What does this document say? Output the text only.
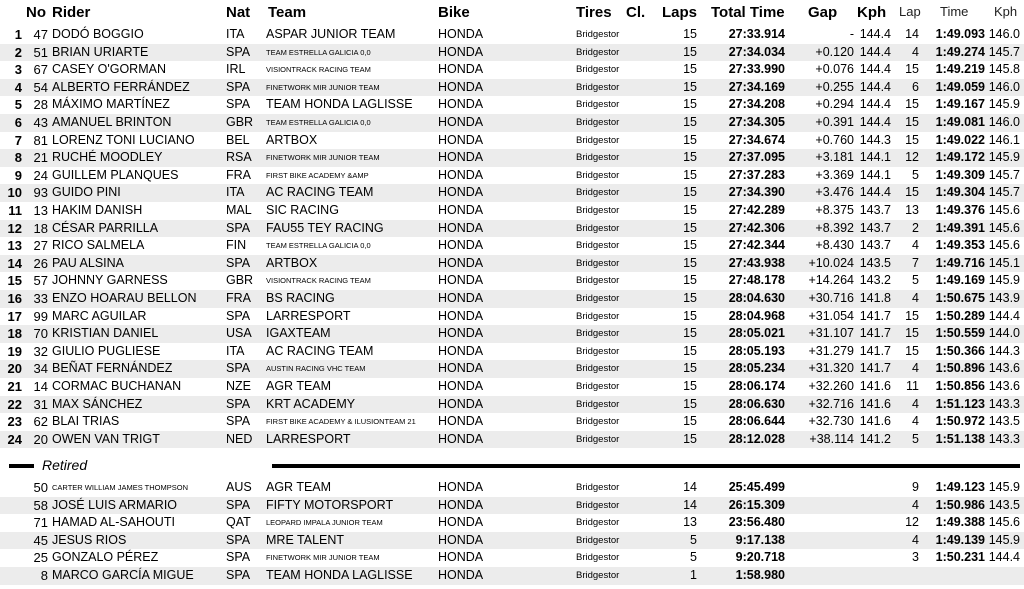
No Rider	Nat Team	Bike	Tires Cl. Laps Total Time Gap Kph Lap Time Kph
1 47 DODÓ BOGGIO	ITA ASPAR JUNIOR TEAM	HONDA	Bridgestor	15	27:33.914	- 144.4	14	1:49.093 146.0
2 51 BRIAN URIARTE	SPA TEAM ESTRELLA GALICIA 0,0	HONDA	Bridgestor	15	27:34.034	+0.120 144.4	4	1:49.274 145.7
3 67 CASEY O'GORMAN	IRL	VISIONTRACK RACING TEAM	HONDA	Bridgestor	15	27:33.990	+0.076 144.4	15	1:49.219 145.8
4 54 ALBERTO FERRÁNDEZ	SPA FINETWORK MIR JUNIOR TEAM	HONDA	Bridgestor	15	27:34.169	+0.255 144.4	6	1:49.059 146.0
5 28 MÁXIMO MARTÍNEZ	SPA TEAM HONDA LAGLISSE HONDA	Bridgestor	15	27:34.208	+0.294 144.4	15	1:49.167 145.9
6 43 AMANUEL BRINTON	GBR TEAM ESTRELLA GALICIA 0,0	HONDA	Bridgestor	15	27:34.305	+0.391 144.4	15	1:49.081 146.0
7 81 LORENZ TONI LUCIANO	BEL ARTBOX	HONDA	Bridgestor	15	27:34.674	+0.760 144.3	15	1:49.022 146.1
8 21 RUCHÉ MOODLEY	RSA FINETWORK MIR JUNIOR TEAM	HONDA	Bridgestor	15	27:37.095	+3.181 144.1	12	1:49.172 145.9
9 24 GUILLEM PLANQUES	FRA FIRST BIKE ACADEMY &AMP	HONDA	Bridgestor	15	27:37.283	+3.369 144.1	5	1:49.309 145.7
10 93 GUIDO PINI	ITA AC RACING TEAM	HONDA	Bridgestor	15	27:34.390	+3.476 144.4	15	1:49.304 145.7
11 13 HAKIM DANISH	MAL SIC RACING	HONDA	Bridgestor	15	27:42.289	+8.375 143.7	13	1:49.376 145.6
12 18 CÉSAR PARRILLA	SPA FAU55 TEY RACING	HONDA	Bridgestor	15	27:42.306	+8.392 143.7	2	1:49.391 145.6
13 27 RICO SALMELA	FIN	TEAM ESTRELLA GALICIA 0,0	HONDA	Bridgestor	15	27:42.344	+8.430 143.7	4	1:49.353 145.6
14 26 PAU ALSINA	SPA ARTBOX	HONDA	Bridgestor	15	27:43.938	+10.024 143.5	7	1:49.716 145.1
15 57 JOHNNY GARNESS	GBR VISIONTRACK RACING TEAM	HONDA	Bridgestor	15	27:48.178	+14.264 143.2	5	1:49.169 145.9
16 33 ENZO HOARAU BELLON FRA BS RACING	HONDA	Bridgestor	15	28:04.630	+30.716 141.8	4	1:50.675 143.9
17 99 MARC AGUILAR	SPA LARRESPORT	HONDA	Bridgestor	15	28:04.968	+31.054 141.7	15	1:50.289 144.4
18 70 KRISTIAN DANIEL	USA IGAXTEAM	HONDA	Bridgestor	15	28:05.021	+31.107 141.7	15	1:50.559 144.0
19 32 GIULIO PUGLIESE	ITA AC RACING TEAM	HONDA	Bridgestor	15	28:05.193	+31.279 141.7	15	1:50.366 144.3
20 34 BEÑAT FERNÁNDEZ	SPA AUSTIN RACING VHC TEAM	HONDA	Bridgestor	15	28:05.234	+31.320 141.7	4	1:50.896 143.6
21 14 CORMAC BUCHANAN	NZE AGR TEAM	HONDA	Bridgestor	15	28:06.174	+32.260 141.6	11	1:50.856 143.6
22 31 MAX SÁNCHEZ	SPA KRT ACADEMY	HONDA	Bridgestor	15	28:06.630	+32.716 141.6	4	1:51.123 143.3
23 62 BLAI TRIAS	SPA FIRST BIKE ACADEMY & ILUSIONTEAM 21 HONDA	Bridgestor	15	28:06.644	+32.730 141.6	4	1:50.972 143.5
24 20 OWEN VAN TRIGT	NED LARRESPORT	HONDA	Bridgestor	15	28:12.028	+38.114 141.2	5	1:51.138 143.3
Retired
50 CARTER WILLIAM JAMES THOMPSON	AUS AGR TEAM	HONDA	Bridgestor	14	25:45.499	9	1:49.123 145.9
58 JOSÉ LUIS ARMARIO	SPA FIFTY MOTORSPORT	HONDA	Bridgestor	14	26:15.309	4	1:50.986 143.5
71 HAMAD AL-SAHOUTI	QAT LEOPARD IMPALA JUNIOR TEAM	HONDA	Bridgestor	13	23:56.480	12	1:49.388 145.6
45 JESUS RIOS	SPA MRE TALENT	HONDA	Bridgestor	5	9:17.138	4	1:49.139 145.9
25 GONZALO PÉREZ	SPA FINETWORK MIR JUNIOR TEAM	HONDA	Bridgestor	5	9:20.718	3	1:50.231 144.4
8 MARCO GARCÍA MIGUE	SPA TEAM HONDA LAGLISSE HONDA	Bridgestor	1	1:58.980
